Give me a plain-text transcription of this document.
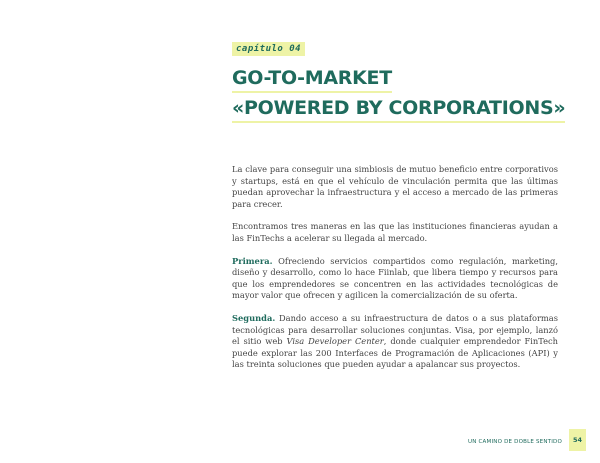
capítulo 04
GO-TO-MARKET
«POWERED BY CORPORATIONS»

La clave para conseguir una simbiosis de mutuo beneficio entre corporativos y startups, está en que el vehículo de vinculación permita que las últimas puedan aprovechar la infraestructura y el acceso a mercado de las primeras para crecer.

Encontramos tres maneras en las que las instituciones financieras ayudan a las FinTechs a acelerar su llegada al mercado.

Primera. Ofreciendo servicios compartidos como regulación, marketing, diseño y desarrollo, como lo hace Fiinlab, que libera tiempo y recursos para que los emprendedores se concentren en las actividades tecnológicas de mayor valor que ofrecen y agilicen la comercialización de su oferta.

Segunda. Dando acceso a su infraestructura de datos o a sus plataformas tecnológicas para desarrollar soluciones conjuntas. Visa, por ejemplo, lanzó el sitio web Visa Developer Center, donde cualquier emprendedor FinTech puede explorar las 200 Interfaces de Programación de Aplicaciones (API) y las treinta soluciones que pueden ayudar a apalancar sus proyectos.

UN CAMINO DE DOBLE SENTIDO	54
